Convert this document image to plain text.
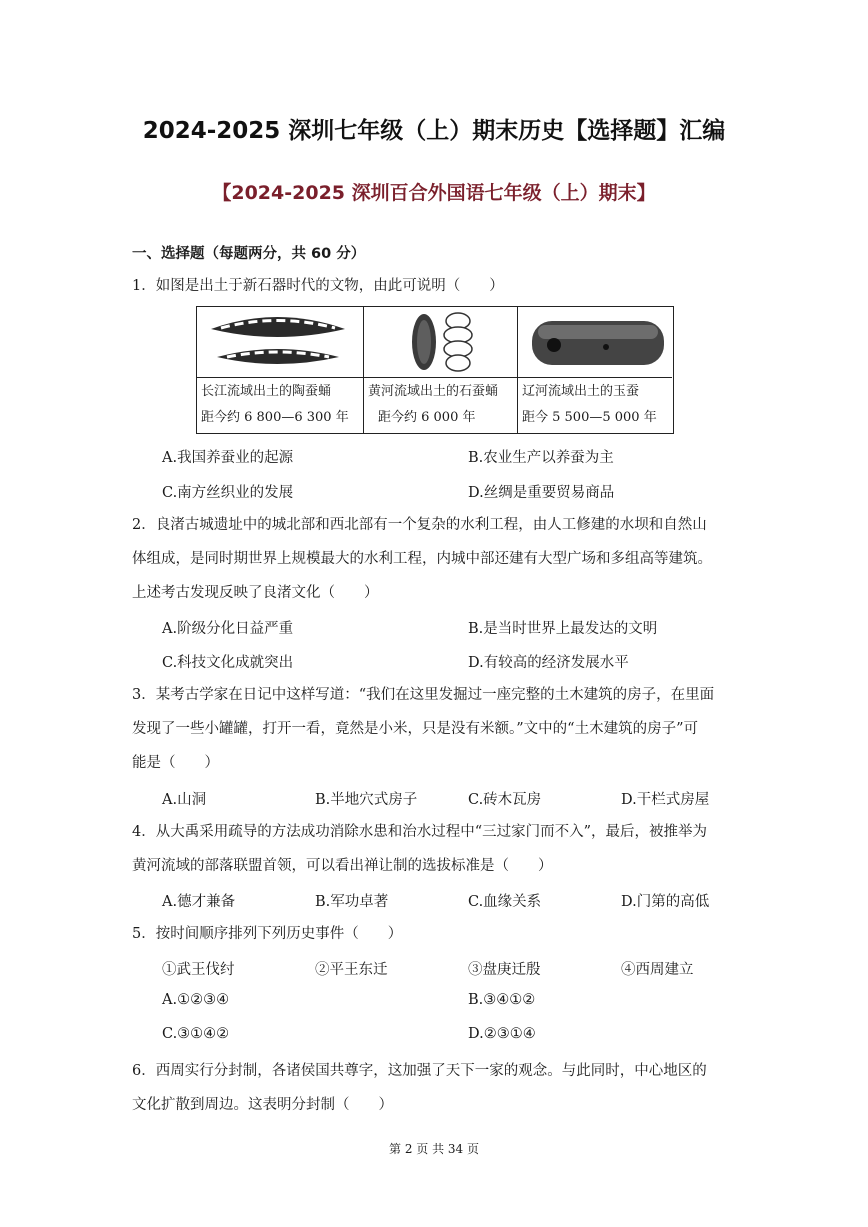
2024-2025 深圳七年级（上）期末历史【选择题】汇编
【2024-2025 深圳百合外国语七年级（上）期末】
一、选择题（每题两分，共 60 分）
1．如图是出土于新石器时代的文物，由此可说明（　　）
长江流域出土的陶蚕蛹
距今约 6 800—6 300 年
黄河流域出土的石蚕蛹
距今约 6 000 年
辽河流域出土的玉蚕
距今 5 500—5 000 年
A.我国养蚕业的起源	B.农业生产以养蚕为主
C.南方丝织业的发展	D.丝绸是重要贸易商品
2．良渚古城遗址中的城北部和西北部有一个复杂的水利工程，由人工修建的水坝和自然山
体组成，是同时期世界上规模最大的水利工程，内城中部还建有大型广场和多组高等建筑。
上述考古发现反映了良渚文化（　　）
A.阶级分化日益严重	B.是当时世界上最发达的文明
C.科技文化成就突出	D.有较高的经济发展水平
3．某考古学家在日记中这样写道：“我们在这里发掘过一座完整的土木建筑的房子，在里面
发现了一些小罐罐，打开一看，竟然是小米，只是没有米额。”文中的“土木建筑的房子”可
能是（　　）
A.山洞	B.半地穴式房子	C.砖木瓦房	D.干栏式房屋
4．从大禹采用疏导的方法成功消除水患和治水过程中“三过家门而不入”，最后，被推举为
黄河流域的部落联盟首领，可以看出禅让制的选拔标准是（　　）
A.德才兼备	B.军功卓著	C.血缘关系	D.门第的高低
5．按时间顺序排列下列历史事件（　　）
①武王伐纣	②平王东迁	③盘庚迁殷	④西周建立
A.①②③④	B.③④①②
C.③①④②	D.②③①④
6．西周实行分封制，各诸侯国共尊字，这加强了天下一家的观念。与此同时，中心地区的
文化扩散到周边。这表明分封制（　　）
第 2 页 共 34 页
